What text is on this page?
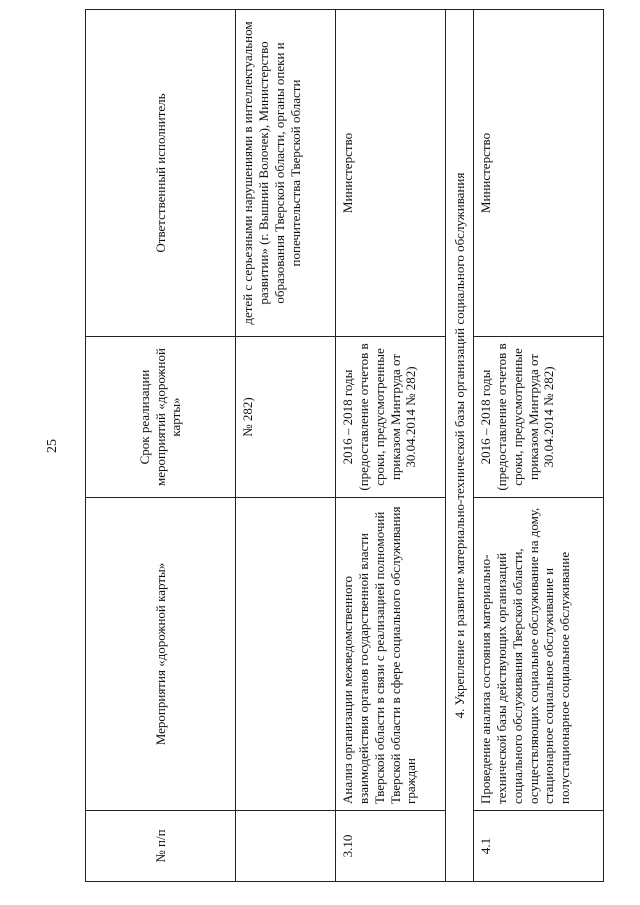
25
№ п/п	Мероприятия «дорожной карты»	Срок реализации мероприятий «дорожной карты»	Ответственный исполнитель
		№ 282)	детей с серьезными нарушениями в интеллектуальном развитии» (г. Вышний Волочек), Министерство образования Тверской области, органы опеки и попечительства Тверской области
3.10	Анализ организации межведомственного взаимодействия органов государственной власти Тверской области в связи с реализацией полномочий Тверской области в сфере социального обслуживания граждан	2016 – 2018 годы (предоставление отчетов в сроки, предусмотренные приказом Минтруда от 30.04.2014 № 282)	Министерство
4. Укрепление и развитие материально-технической базы организаций социального обслуживания			
4.1	Проведение анализа состояния материально-технической базы действующих организаций социального обслуживания Тверской области, осуществляющих социальное обслуживание на дому, стационарное социальное обслуживание и полустационарное социальное обслуживание	2016 – 2018 годы (предоставление отчетов в сроки, предусмотренные приказом Минтруда от 30.04.2014 № 282)	Министерство
